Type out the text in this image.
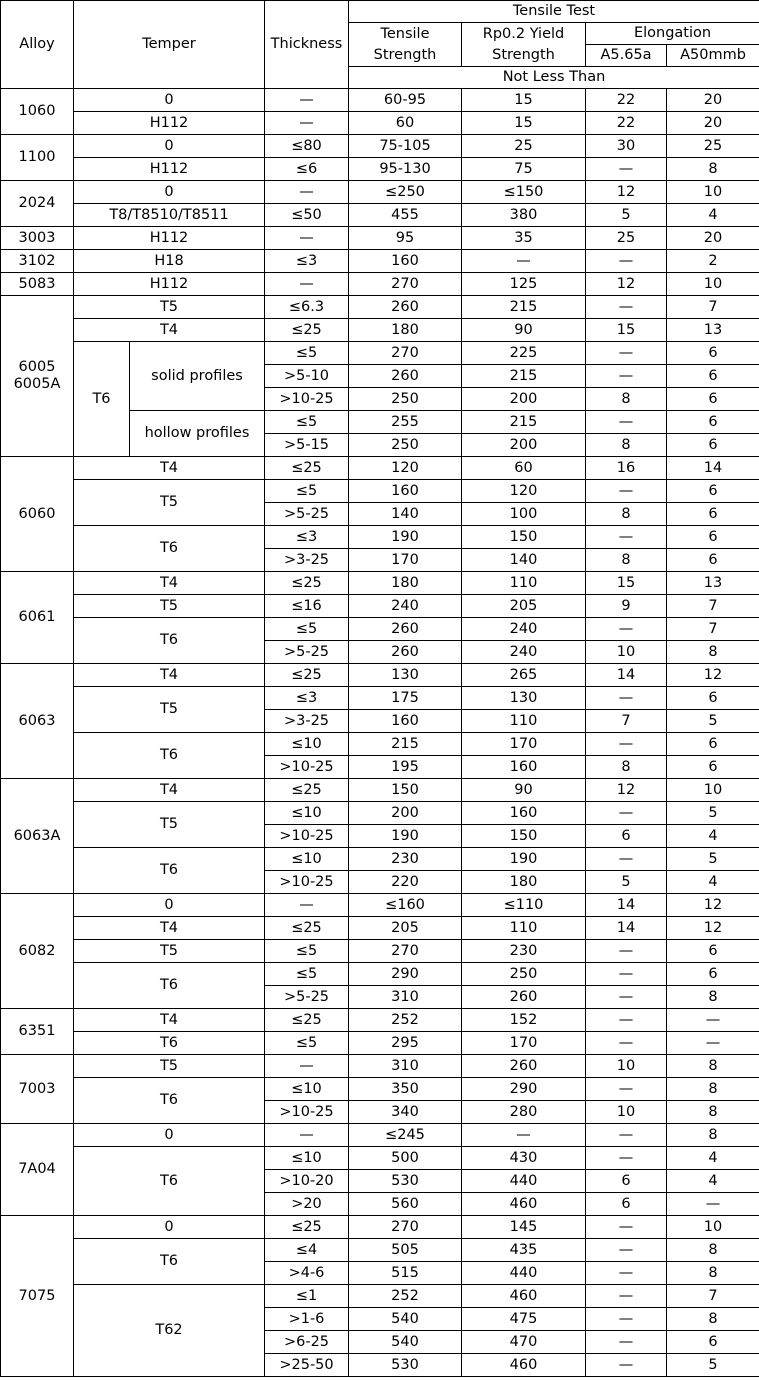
Alloy	Temper		Thickness	Tensile Test			
				Tensile Strength	Rp0.2 Yield Strength	Elongation	
						A5.65a	A50mmb
				Not Less Than			
1060	0		—	60-95	15	22	20
	H112		—	60	15	22	20
1100	0		≤80	75-105	25	30	25
	H112		≤6	95-130	75	—	8
2024	0		—	≤250	≤150	12	10
	T8/T8510/T8511		≤50	455	380	5	4
3003	H112		—	95	35	25	20
3102	H18		≤3	160	—	—	2
5083	H112		—	270	125	12	10
6005
6005A	T5		≤6.3	260	215	—	7
	T4		≤25	180	90	15	13
	T6	solid profiles	≤5	270	225	—	6
			>5-10	260	215	—	6
			>10-25	250	200	8	6
		hollow profiles	≤5	255	215	—	6
			>5-15	250	200	8	6
6060	T4		≤25	120	60	16	14
	T5		≤5	160	120	—	6
			>5-25	140	100	8	6
	T6		≤3	190	150	—	6
			>3-25	170	140	8	6
6061	T4		≤25	180	110	15	13
	T5		≤16	240	205	9	7
	T6		≤5	260	240	—	7
			>5-25	260	240	10	8
6063	T4		≤25	130	265	14	12
	T5		≤3	175	130	—	6
			>3-25	160	110	7	5
	T6		≤10	215	170	—	6
			>10-25	195	160	8	6
6063A	T4		≤25	150	90	12	10
	T5		≤10	200	160	—	5
			>10-25	190	150	6	4
	T6		≤10	230	190	—	5
			>10-25	220	180	5	4
6082	0		—	≤160	≤110	14	12
	T4		≤25	205	110	14	12
	T5		≤5	270	230	—	6
	T6		≤5	290	250	—	6
			>5-25	310	260	—	8
6351	T4		≤25	252	152	—	—
	T6		≤5	295	170	—	—
7003	T5		—	310	260	10	8
	T6		≤10	350	290	—	8
			>10-25	340	280	10	8
7A04	0		—	≤245	—	—	8
	T6		≤10	500	430	—	4
			>10-20	530	440	6	4
			>20	560	460	6	—
7075	0		≤25	270	145	—	10
	T6		≤4	505	435	—	8
			>4-6	515	440	—	8
	T62		≤1	252	460	—	7
			>1-6	540	475	—	8
			>6-25	540	470	—	6
			>25-50	530	460	—	5
